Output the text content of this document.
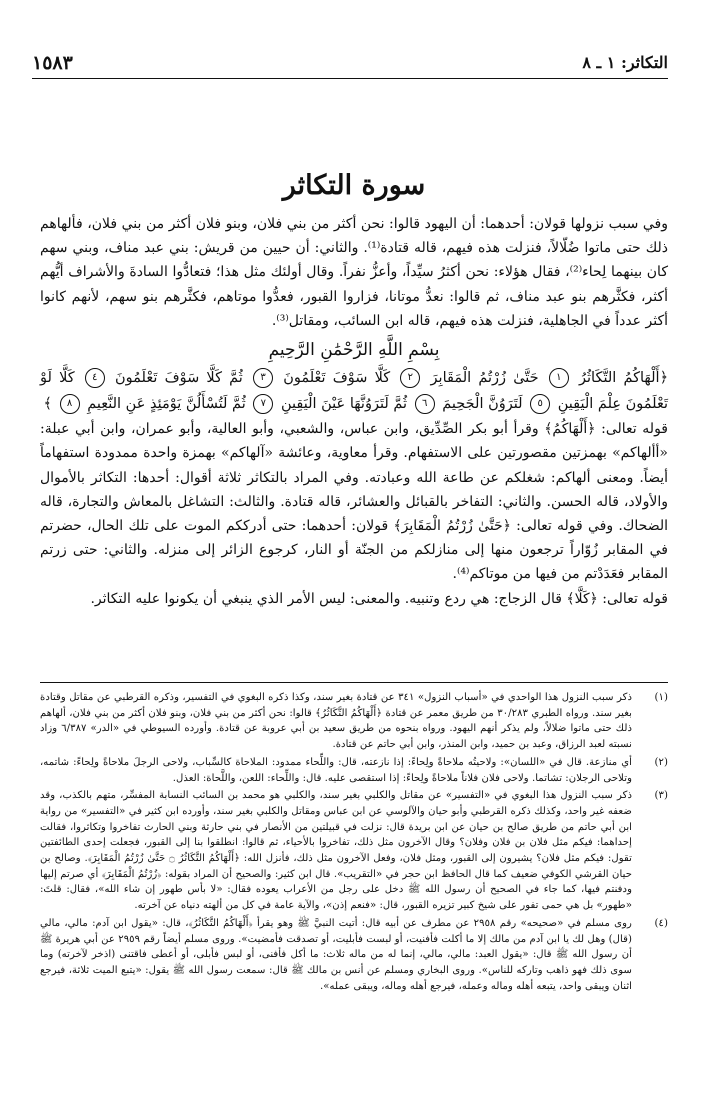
١٥٨٣	التكاثر: ١ ـ ٨
سورة التكاثر

وفي سبب نزولها قولان: أحدهما: أن اليهود قالوا: نحن أكثر من بني فلان، وبنو فلان أكثر من بني فلان، فألهاهم ذلك حتى ماتوا ضُلّالاً، فنزلت هذه فيهم، قاله قتادة⁽¹⁾. والثاني: أن حيين من قريش: بني عبد مناف، وبني سهم كان بينهما لِحاء⁽²⁾، فقال هؤلاء: نحن أكثرُ سيِّداً، وأعزُّ نفراً. وقال أولئك مثل هذا؛ فتعادُّوا السادةَ والأشراف أيُّهم أكثر، فكثَّرهم بنو عبد مناف، ثم قالوا: نعدُّ موتانا، فزاروا القبور، فعدُّوا موتاهم، فكثَّرهم بنو سهم، لأنهم كانوا أكثر عدداً في الجاهلية، فنزلت هذه فيهم، قاله ابن السائب، ومقاتل⁽³⁾.

بِسْمِ اللَّهِ الرَّحْمَٰنِ الرَّحِيمِ

﴿أَلْهَاكُمُ التَّكَاثُرُ ١ حَتَّىٰ زُرْتُمُ الْمَقَابِرَ ٢ كَلَّا سَوْفَ تَعْلَمُونَ ٣ ثُمَّ كَلَّا سَوْفَ تَعْلَمُونَ ٤ كَلَّا لَوْ تَعْلَمُونَ عِلْمَ الْيَقِينِ ٥ لَتَرَوُنَّ الْجَحِيمَ ٦ ثُمَّ لَتَرَوُنَّهَا عَيْنَ الْيَقِينِ ٧ ثُمَّ لَتُسْأَلُنَّ يَوْمَئِذٍ عَنِ النَّعِيمِ ٨ ﴾

قوله تعالى: ﴿أَلْهَاكُمُ﴾ وقرأ أبو بكر الصِّدِّيق، وابن عباس، والشعبي، وأبو العالية، وأبو عمران، وابن أبي عبلة: «أألهاكم» بهمزتين مقصورتين على الاستفهام. وقرأ معاوية، وعائشة «آلهاكم» بهمزة واحدة ممدودة استفهاماً أيضاً. ومعنى ألهاكم: شغلكم عن طاعة الله وعبادته. وفي المراد بالتكاثر ثلاثة أقوال: أحدها: التكاثر بالأموال والأولاد، قاله الحسن. والثاني: التفاخر بالقبائل والعشائر، قاله قتادة. والثالث: التشاغل بالمعاش والتجارة، قاله الضحاك. وفي قوله تعالى: ﴿حَتَّىٰ زُرْتُمُ الْمَقَابِرَ﴾ قولان: أحدهما: حتى أدرككم الموت على تلك الحال، حضرتم في المقابر زُوّاراً ترجعون منها إلى منازلكم من الجنّة أو النار، كرجوع الزائر إلى منزله. والثاني: حتى زرتم المقابر فعَدَدْتم من فيها من موتاكم⁽⁴⁾.

قوله تعالى: ﴿كَلَّا﴾ قال الزجاج: هي ردع وتنبيه. والمعنى: ليس الأمر الذي ينبغي أن يكونوا عليه التكاثر.

(١)
ذكر سبب النزول هذا الواحدي في «أسباب النزول» ٣٤١ عن قتادة بغير سند، وكذا ذكره البغوي في التفسير، وذكره القرطبي عن مقاتل وقتادة بغير سند. ورواه الطبري ٣٠/٢٨٣ من طريق معمر عن قتادة ﴿أَلْهَاكُمُ التَّكَاثُرُ﴾ قالوا: نحن أكثر من بني فلان، وبنو فلان أكثر من بني فلان، ألهاهم ذلك حتى ماتوا ضلالاً، ولم يذكر أنهم اليهود. ورواه بنحوه من طريق سعيد بن أبي عروبة عن قتادة. وأورده السيوطي في «الدر» ٦/٣٨٧ وزاد نسبته لعبد الرزاق، وعبد بن حميد، وابن المنذر، وابن أبي حاتم عن قتادة.
(٢)
أي منازعة. قال في «اللسان»: ولاحيتُه ملاحاةً ولِحاءً: إذا نازعته، قال: واللِّحاء ممدود: الملاحاة كالسِّباب، ولاحى الرجلَ ملاحاةً ولِحاءً: شاتمه، وتلاحى الرجلان: تشاتما. ولاحى فلان فلاناً ملاحاةً ولِحاءً: إذا استقصى عليه. قال: واللِّحاء: اللعن، واللَّحاة: العذل.
(٣)
ذكر سبب النزول هذا البغوي في «التفسير» عن مقاتل والكلبي بغير سند، والكلبي هو محمد بن السائب النسابة المفسِّر، متهم بالكذب، وقد ضعفه غير واحد، وكذلك ذكره القرطبي وأبو حيان والآلوسي عن ابن عباس ومقاتل والكلبي بغير سند، وأورده ابن كثير في «التفسير» من رواية ابن أبي حاتم من طريق صالح بن حيان عن ابن بريدة قال: نزلت في قبيلتين من الأنصار في بني حارثة وبني الحارث تفاخروا وتكاثروا، فقالت إحداهما: فيكم مثل فلان بن فلان وفلان؟ وقال الآخرون مثل ذلك، تفاخروا بالأحياء، ثم قالوا: انطلقوا بنا إلى القبور، فجعلت إحدى الطائفتين تقول: فيكم مثل فلان؟ يشيرون إلى القبور، ومثل فلان، وفعل الآخرون مثل ذلك، فأنزل الله: ﴿أَلْهَاكُمُ التَّكَاثُرُ ۝ حَتَّىٰ زُرْتُمُ الْمَقَابِرَ﴾. وصالح بن حيان القرشي الكوفي ضعيف كما قال الحافظ ابن حجر في «التقريب». قال ابن كثير: والصحيح أن المراد بقوله: ﴿زُرْتُمُ الْمَقَابِرَ﴾ أي صرتم إليها ودفنتم فيها، كما جاء في الصحيح أن رسول الله ﷺ دخل على رجل من الأعراب يعوده فقال: «لا بأس طهور إن شاء الله»، فقال: قلتَ: «طهور» بل هي حمى تفور على شيخ كبير تزيره القبور، قال: «فنعم إذن»، والآية عامة في كل من ألهته دنياه عن آخرته.
(٤)
روى مسلم في «صحيحه» رقم ٢٩٥٨ عن مطرف عن أبيه قال: أتيت النبيَّ ﷺ وهو يقرأ ﴿أَلْهَاكُمُ التَّكَاثُرُ﴾، قال: «يقول ابن آدم: مالي، مالي (قال) وهل لك يا ابن آدم من مالك إلا ما أكلت فأفنيت، أو لبست فأبليت، أو تصدقت فأمضيت». وروى مسلم أيضاً رقم ٢٩٥٩ عن أبي هريرة ﷺ أن رسول الله ﷺ قال: «يقول العبد: مالي، مالي، إنما له من ماله ثلاث: ما أكل فأفنى، أو لبس فأبلى، أو أعطى فاقتنى (اذخر لآخرته) وما سوى ذلك فهو ذاهب وتاركه للناس». وروى البخاري ومسلم عن أنس بن مالك ﷺ قال: سمعت رسول الله ﷺ يقول: «يتبع الميت ثلاثة، فيرجع اثنان ويبقى واحد، يتبعه أهله وماله وعمله، فيرجع أهله وماله، ويبقى عمله».
